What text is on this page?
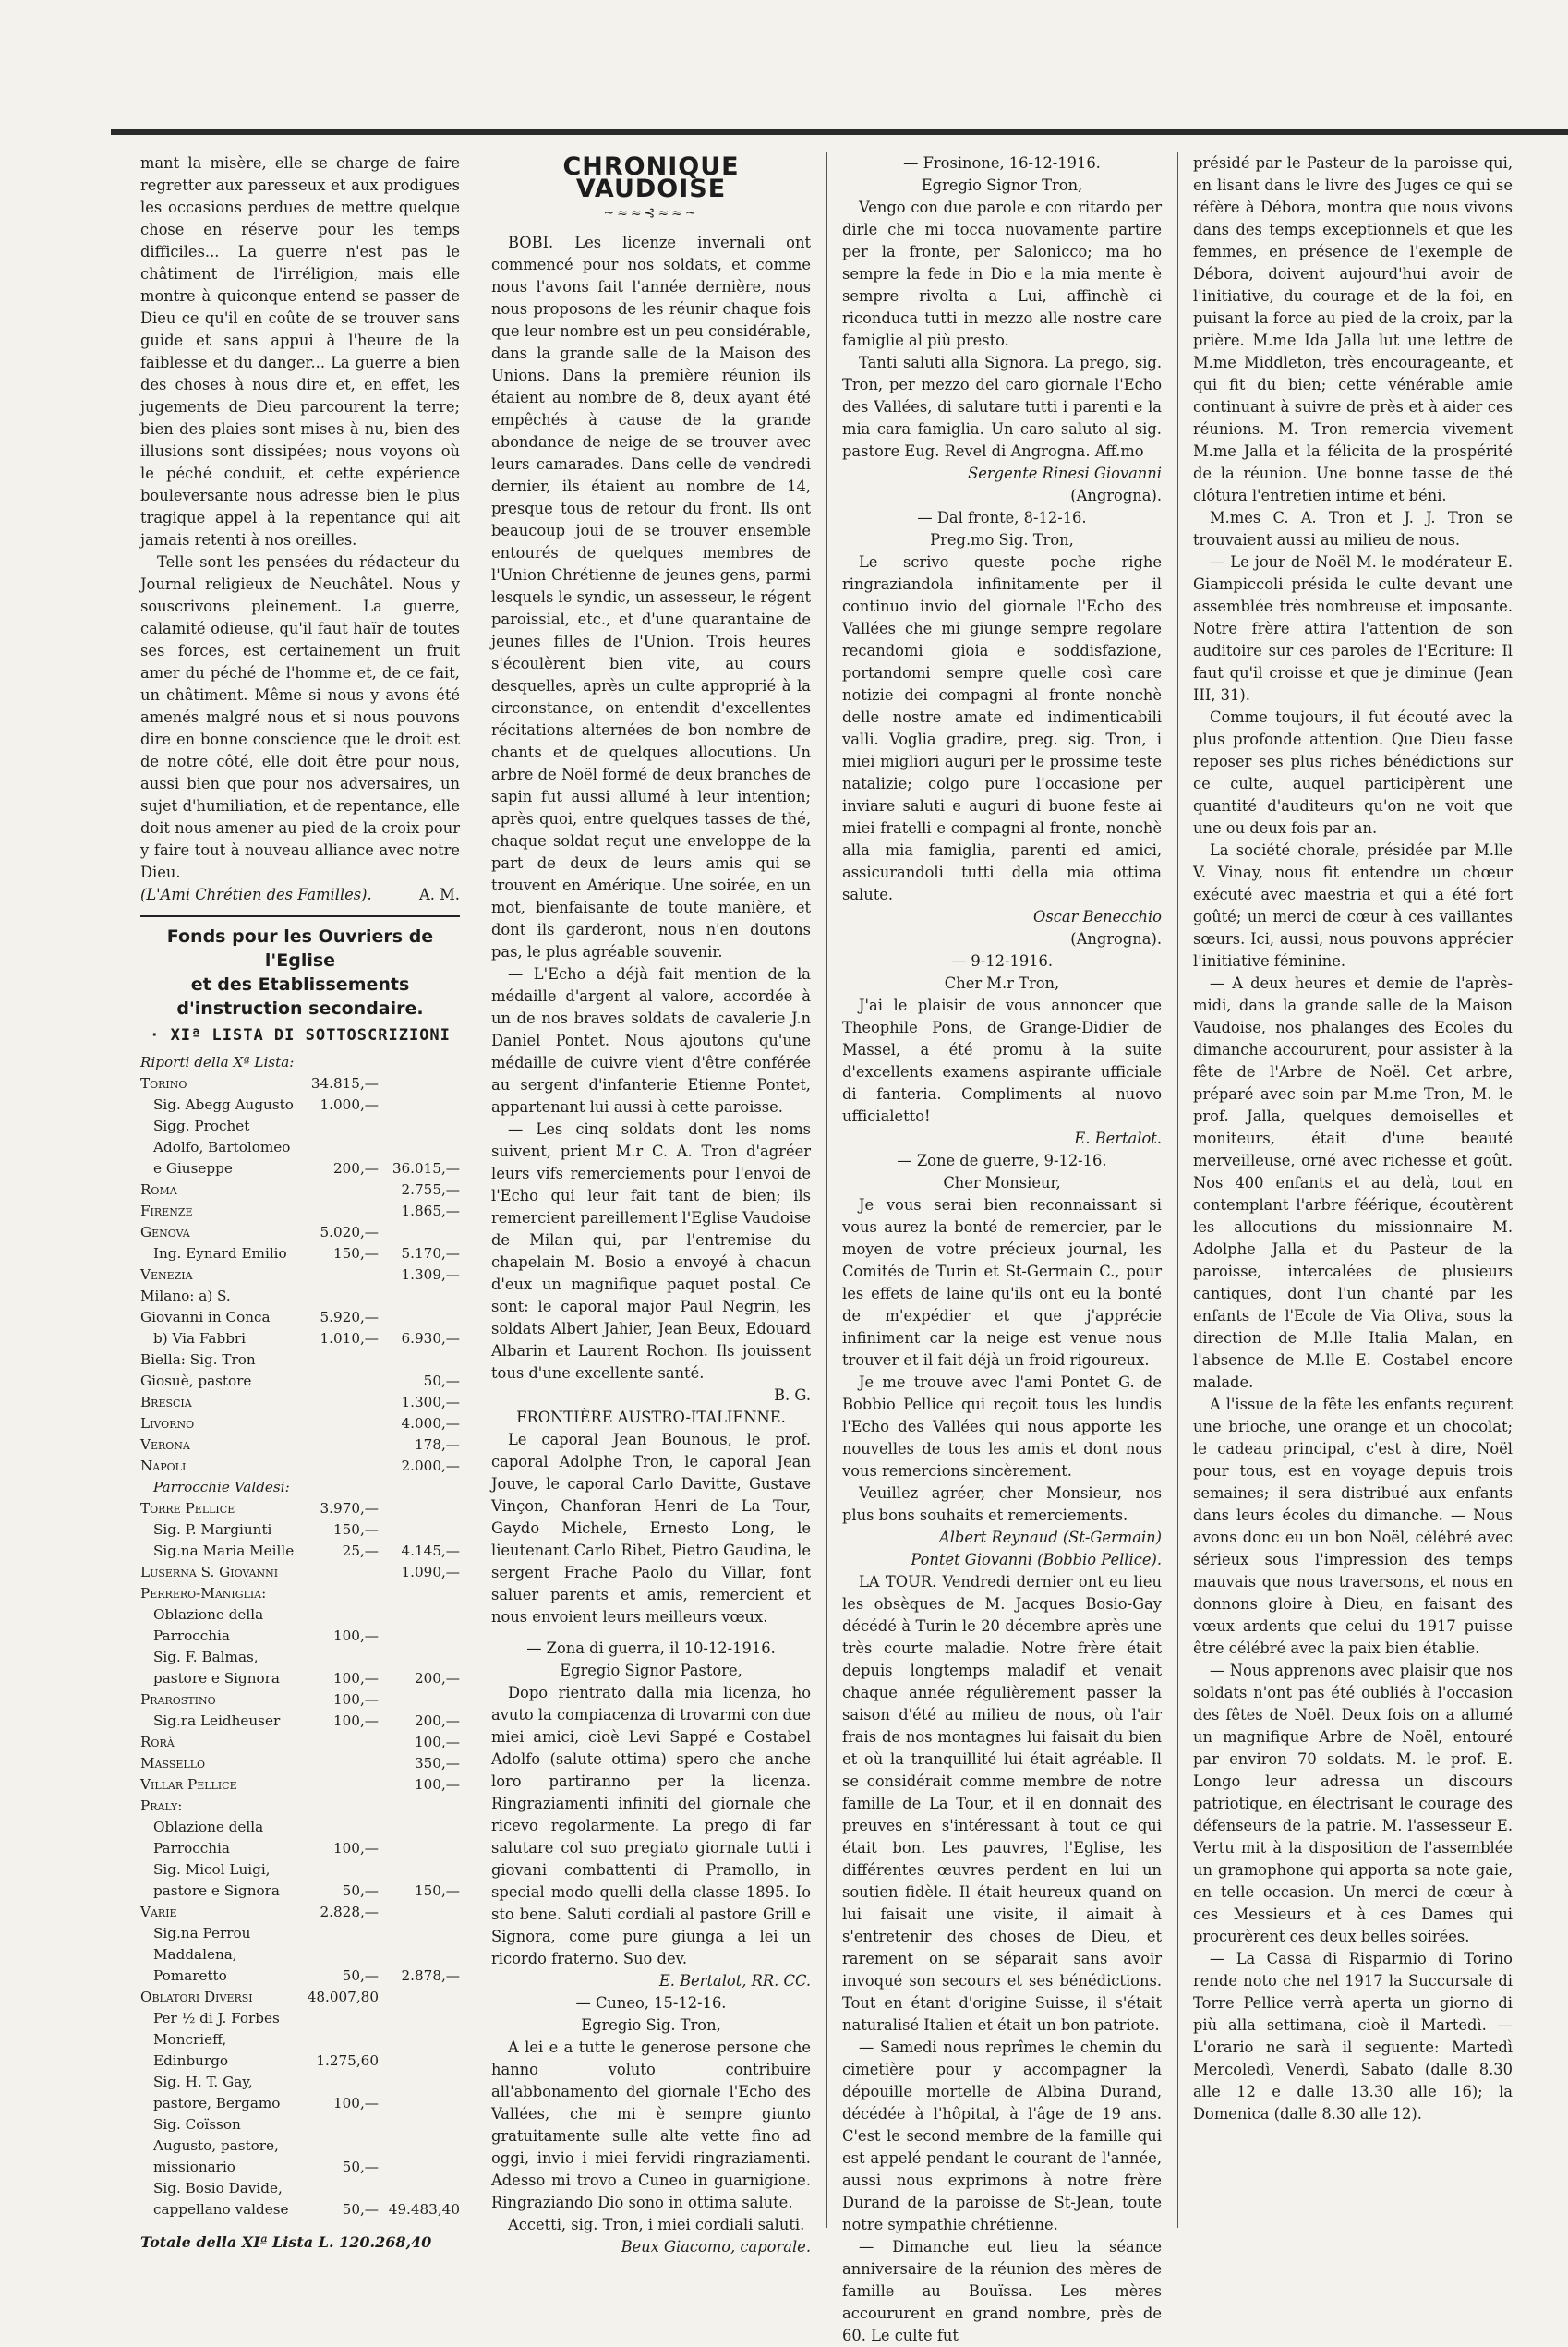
mant la misère, elle se charge de faire regretter aux paresseux et aux prodigues les occasions perdues de mettre quelque chose en réserve pour les temps difficiles... La guerre n'est pas le châtiment de l'irréligion, mais elle montre à quiconque entend se passer de Dieu ce qu'il en coûte de se trouver sans guide et sans appui à l'heure de la faiblesse et du danger... La guerre a bien des choses à nous dire et, en effet, les jugements de Dieu parcourent la terre; bien des plaies sont mises à nu, bien des illusions sont dissipées; nous voyons où le péché conduit, et cette expérience bouleversante nous adresse bien le plus tragique appel à la repentance qui ait jamais retenti à nos oreilles.

Telle sont les pensées du rédacteur du Journal religieux de Neuchâtel. Nous y souscrivons pleinement. La guerre, calamité odieuse, qu'il faut haïr de toutes ses forces, est certainement un fruit amer du péché de l'homme et, de ce fait, un châtiment. Même si nous y avons été amenés malgré nous et si nous pouvons dire en bonne conscience que le droit est de notre côté, elle doit être pour nous, aussi bien que pour nos adversaires, un sujet d'humiliation, et de repentance, elle doit nous amener au pied de la croix pour y faire tout à nouveau alliance avec notre Dieu.

(L'Ami Chrétien des Familles).	A. M.

Fonds pour les Ouvriers de l'Eglise
et des Etablissements d'instruction secondaire.
· XIª LISTA DI SOTTOSCRIZIONI
Riporti della Xª Lista:		
Torino	34.815,—	
Sig. Abegg Augusto	1.000,—	
Sigg. Prochet Adolfo, Bartolomeo e Giuseppe	200,—	36.015,—
Roma		2.755,—
Firenze		1.865,—
Genova	5.020,—	
Ing. Eynard Emilio	150,—	5.170,—
Venezia		1.309,—
Milano: a) S. Giovanni in Conca	5.920,—	
b) Via Fabbri	1.010,—	6.930,—
Biella: Sig. Tron Giosuè, pastore		50,—
Brescia		1.300,—
Livorno		4.000,—
Verona		178,—
Napoli		2.000,—
Parrocchie Valdesi:		
Torre Pellice	3.970,—	
Sig. P. Margiunti	150,—	
Sig.na Maria Meille	25,—	4.145,—
Luserna S. Giovanni		1.090,—
Perrero-Maniglia:		
Oblazione della Parrocchia	100,—	
Sig. F. Balmas, pastore e Signora	100,—	200,—
Prarostino	100,—	
Sig.ra Leidheuser	100,—	200,—
Rorà		100,—
Massello		350,—
Villar Pellice		100,—
Praly:		
Oblazione della Parrocchia	100,—	
Sig. Micol Luigi, pastore e Signora	50,—	150,—
Varie	2.828,—	
Sig.na Perrou Maddalena, Pomaretto	50,—	2.878,—
Oblatori Diversi	48.007,80	
Per ½ di J. Forbes Moncrieff, Edinburgo	1.275,60	
Sig. H. T. Gay, pastore, Bergamo	100,—	
Sig. Coïsson Augusto, pastore, missionario	50,—	
Sig. Bosio Davide, cappellano valdese	50,—	49.483,40
Totale della XIª Lista L. 120.268,40
CHRONIQUE VAUDOISE
~≈≈⊰≈≈~

BOBI. Les licenze invernali ont commencé pour nos soldats, et comme nous l'avons fait l'année dernière, nous nous proposons de les réunir chaque fois que leur nombre est un peu considérable, dans la grande salle de la Maison des Unions. Dans la première réunion ils étaient au nombre de 8, deux ayant été empêchés à cause de la grande abondance de neige de se trouver avec leurs camarades. Dans celle de vendredi dernier, ils étaient au nombre de 14, presque tous de retour du front. Ils ont beaucoup joui de se trouver ensemble entourés de quelques membres de l'Union Chrétienne de jeunes gens, parmi lesquels le syndic, un assesseur, le régent paroissial, etc., et d'une quarantaine de jeunes filles de l'Union. Trois heures s'écoulèrent bien vite, au cours desquelles, après un culte approprié à la circonstance, on entendit d'excellentes récitations alternées de bon nombre de chants et de quelques allocutions. Un arbre de Noël formé de deux branches de sapin fut aussi allumé à leur intention; après quoi, entre quelques tasses de thé, chaque soldat reçut une enveloppe de la part de deux de leurs amis qui se trouvent en Amérique. Une soirée, en un mot, bienfaisante de toute manière, et dont ils garderont, nous n'en doutons pas, le plus agréable souvenir.

— L'Echo a déjà fait mention de la médaille d'argent al valore, accordée à un de nos braves soldats de cavalerie J.n Daniel Pontet. Nous ajoutons qu'une médaille de cuivre vient d'être conférée au sergent d'infanterie Etienne Pontet, appartenant lui aussi à cette paroisse.

— Les cinq soldats dont les noms suivent, prient M.r C. A. Tron d'agréer leurs vifs remerciements pour l'envoi de l'Echo qui leur fait tant de bien; ils remercient pareillement l'Eglise Vaudoise de Milan qui, par l'entremise du chapelain M. Bosio a envoyé à chacun d'eux un magnifique paquet postal. Ce sont: le caporal major Paul Negrin, les soldats Albert Jahier, Jean Beux, Edouard Albarin et Laurent Rochon. Ils jouissent tous d'une excellente santé.

B. G.

FRONTIÈRE AUSTRO-ITALIENNE.

Le caporal Jean Bounous, le prof. caporal Adolphe Tron, le caporal Jean Jouve, le caporal Carlo Davitte, Gustave Vinçon, Chanforan Henri de La Tour, Gaydo Michele, Ernesto Long, le lieutenant Carlo Ribet, Pietro Gaudina, le sergent Frache Paolo du Villar, font saluer parents et amis, remercient et nous envoient leurs meilleurs vœux.

— Zona di guerra, il 10-12-1916.

Egregio Signor Pastore,

Dopo rientrato dalla mia licenza, ho avuto la compiacenza di trovarmi con due miei amici, cioè Levi Sappé e Costabel Adolfo (salute ottima) spero che anche loro partiranno per la licenza. Ringraziamenti infiniti del giornale che ricevo regolarmente. La prego di far salutare col suo pregiato giornale tutti i giovani combattenti di Pramollo, in special modo quelli della classe 1895. Io sto bene. Saluti cordiali al pastore Grill e Signora, come pure giunga a lei un ricordo fraterno. Suo dev.

E. Bertalot, RR. CC.

— Cuneo, 15-12-16.

Egregio Sig. Tron,

A lei e a tutte le generose persone che hanno voluto contribuire all'abbonamento del giornale l'Echo des Vallées, che mi è sempre giunto gratuitamente sulle alte vette fino ad oggi, invio i miei fervidi ringraziamenti. Adesso mi trovo a Cuneo in guarnigione. Ringraziando Dio sono in ottima salute.

Accetti, sig. Tron, i miei cordiali saluti.

Beux Giacomo, caporale.

— Frosinone, 16-12-1916.

Egregio Signor Tron,

Vengo con due parole e con ritardo per dirle che mi tocca nuovamente partire per la fronte, per Salonicco; ma ho sempre la fede in Dio e la mia mente è sempre rivolta a Lui, affinchè ci riconduca tutti in mezzo alle nostre care famiglie al più presto.

Tanti saluti alla Signora. La prego, sig. Tron, per mezzo del caro giornale l'Echo des Vallées, di salutare tutti i parenti e la mia cara famiglia. Un caro saluto al sig. pastore Eug. Revel di Angrogna. Aff.mo

Sergente Rinesi Giovanni

(Angrogna).

— Dal fronte, 8-12-16.

Preg.mo Sig. Tron,

Le scrivo queste poche righe ringraziandola infinitamente per il continuo invio del giornale l'Echo des Vallées che mi giunge sempre regolare recandomi gioia e soddisfazione, portandomi sempre quelle così care notizie dei compagni al fronte nonchè delle nostre amate ed indimenticabili valli. Voglia gradire, preg. sig. Tron, i miei migliori auguri per le prossime teste natalizie; colgo pure l'occasione per inviare saluti e auguri di buone feste ai miei fratelli e compagni al fronte, nonchè alla mia famiglia, parenti ed amici, assicurandoli tutti della mia ottima salute.

Oscar Benecchio

(Angrogna).

— 9-12-1916.

Cher M.r Tron,

J'ai le plaisir de vous annoncer que Theophile Pons, de Grange-Didier de Massel, a été promu à la suite d'excellents examens aspirante ufficiale di fanteria. Compliments al nuovo ufficialetto!

E. Bertalot.

— Zone de guerre, 9-12-16.

Cher Monsieur,

Je vous serai bien reconnaissant si vous aurez la bonté de remercier, par le moyen de votre précieux journal, les Comités de Turin et St-Germain C., pour les effets de laine qu'ils ont eu la bonté de m'expédier et que j'apprécie infiniment car la neige est venue nous trouver et il fait déjà un froid rigoureux.

Je me trouve avec l'ami Pontet G. de Bobbio Pellice qui reçoit tous les lundis l'Echo des Vallées qui nous apporte les nouvelles de tous les amis et dont nous vous remercions sincèrement.

Veuillez agréer, cher Monsieur, nos plus bons souhaits et remerciements.

Albert Reynaud (St-Germain)

Pontet Giovanni (Bobbio Pellice).

LA TOUR. Vendredi dernier ont eu lieu les obsèques de M. Jacques Bosio-Gay décédé à Turin le 20 décembre après une très courte maladie. Notre frère était depuis longtemps maladif et venait chaque année régulièrement passer la saison d'été au milieu de nous, où l'air frais de nos montagnes lui faisait du bien et où la tranquillité lui était agréable. Il se considérait comme membre de notre famille de La Tour, et il en donnait des preuves en s'intéressant à tout ce qui était bon. Les pauvres, l'Eglise, les différentes œuvres perdent en lui un soutien fidèle. Il était heureux quand on lui faisait une visite, il aimait à s'entretenir des choses de Dieu, et rarement on se séparait sans avoir invoqué son secours et ses bénédictions. Tout en étant d'origine Suisse, il s'était naturalisé Italien et était un bon patriote.

— Samedi nous reprîmes le chemin du cimetière pour y accompagner la dépouille mortelle de Albina Durand, décédée à l'hôpital, à l'âge de 19 ans. C'est le second membre de la famille qui est appelé pendant le courant de l'année, aussi nous exprimons à notre frère Durand de la paroisse de St-Jean, toute notre sympathie chrétienne.

— Dimanche eut lieu la séance anniversaire de la réunion des mères de famille au Bouïssa. Les mères accoururent en grand nombre, près de 60. Le culte fut

présidé par le Pasteur de la paroisse qui, en lisant dans le livre des Juges ce qui se réfère à Débora, montra que nous vivons dans des temps exceptionnels et que les femmes, en présence de l'exemple de Débora, doivent aujourd'hui avoir de l'initiative, du courage et de la foi, en puisant la force au pied de la croix, par la prière. M.me Ida Jalla lut une lettre de M.me Middleton, très encourageante, et qui fit du bien; cette vénérable amie continuant à suivre de près et à aider ces réunions. M. Tron remercia vivement M.me Jalla et la félicita de la prospérité de la réunion. Une bonne tasse de thé clôtura l'entretien intime et béni.

M.mes C. A. Tron et J. J. Tron se trouvaient aussi au milieu de nous.

— Le jour de Noël M. le modérateur E. Giampiccoli présida le culte devant une assemblée très nombreuse et imposante. Notre frère attira l'attention de son auditoire sur ces paroles de l'Ecriture: Il faut qu'il croisse et que je diminue (Jean III, 31).

Comme toujours, il fut écouté avec la plus profonde attention. Que Dieu fasse reposer ses plus riches bénédictions sur ce culte, auquel participèrent une quantité d'auditeurs qu'on ne voit que une ou deux fois par an.

La société chorale, présidée par M.lle V. Vinay, nous fit entendre un chœur exécuté avec maestria et qui a été fort goûté; un merci de cœur à ces vaillantes sœurs. Ici, aussi, nous pouvons apprécier l'initiative féminine.

— A deux heures et demie de l'après-midi, dans la grande salle de la Maison Vaudoise, nos phalanges des Ecoles du dimanche accoururent, pour assister à la fête de l'Arbre de Noël. Cet arbre, préparé avec soin par M.me Tron, M. le prof. Jalla, quelques demoiselles et moniteurs, était d'une beauté merveilleuse, orné avec richesse et goût. Nos 400 enfants et au delà, tout en contemplant l'arbre féérique, écoutèrent les allocutions du missionnaire M. Adolphe Jalla et du Pasteur de la paroisse, intercalées de plusieurs cantiques, dont l'un chanté par les enfants de l'Ecole de Via Oliva, sous la direction de M.lle Italia Malan, en l'absence de M.lle E. Costabel encore malade.

A l'issue de la fête les enfants reçurent une brioche, une orange et un chocolat; le cadeau principal, c'est à dire, Noël pour tous, est en voyage depuis trois semaines; il sera distribué aux enfants dans leurs écoles du dimanche. — Nous avons donc eu un bon Noël, célébré avec sérieux sous l'impression des temps mauvais que nous traversons, et nous en donnons gloire à Dieu, en faisant des vœux ardents que celui du 1917 puisse être célébré avec la paix bien établie.

— Nous apprenons avec plaisir que nos soldats n'ont pas été oubliés à l'occasion des fêtes de Noël. Deux fois on a allumé un magnifique Arbre de Noël, entouré par environ 70 soldats. M. le prof. E. Longo leur adressa un discours patriotique, en électrisant le courage des défenseurs de la patrie. M. l'assesseur E. Vertu mit à la disposition de l'assemblée un gramophone qui apporta sa note gaie, en telle occasion. Un merci de cœur à ces Messieurs et à ces Dames qui procurèrent ces deux belles soirées.

— La Cassa di Risparmio di Torino rende noto che nel 1917 la Succursale di Torre Pellice verrà aperta un giorno di più alla settimana, cioè il Martedì. — L'orario ne sarà il seguente: Martedì Mercoledì, Venerdì, Sabato (dalle 8.30 alle 12 e dalle 13.30 alle 16); la Domenica (dalle 8.30 alle 12).
